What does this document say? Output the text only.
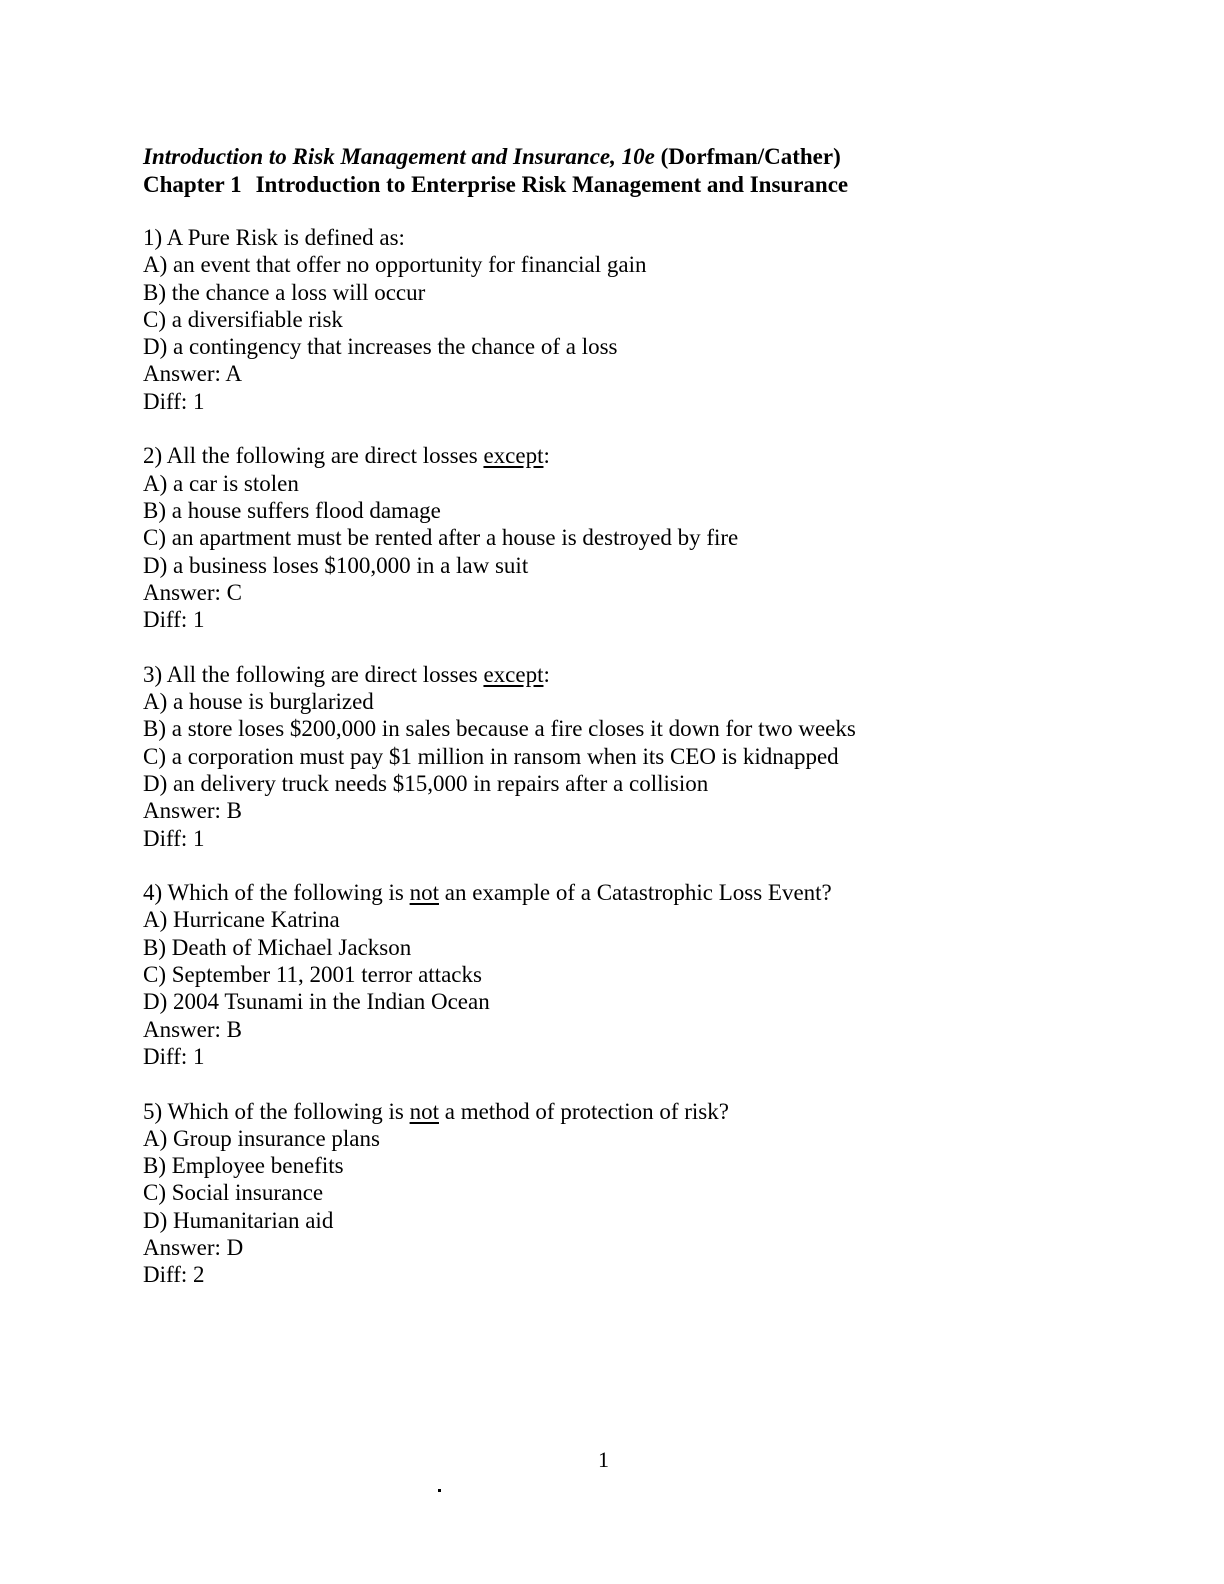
Introduction to Risk Management and Insurance, 10e (Dorfman/Cather)
Chapter 1 Introduction to Enterprise Risk Management and Insurance
1) A Pure Risk is defined as:
A) an event that offer no opportunity for financial gain
B) the chance a loss will occur
C) a diversifiable risk
D) a contingency that increases the chance of a loss
Answer: A
Diff: 1
2) All the following are direct losses except:
A) a car is stolen
B) a house suffers flood damage
C) an apartment must be rented after a house is destroyed by fire
D) a business loses $100,000 in a law suit
Answer: C
Diff: 1
3) All the following are direct losses except:
A) a house is burglarized
B) a store loses $200,000 in sales because a fire closes it down for two weeks
C) a corporation must pay $1 million in ransom when its CEO is kidnapped
D) an delivery truck needs $15,000 in repairs after a collision
Answer: B
Diff: 1
4) Which of the following is not an example of a Catastrophic Loss Event?
A) Hurricane Katrina
B) Death of Michael Jackson
C) September 11, 2001 terror attacks
D) 2004 Tsunami in the Indian Ocean
Answer: B
Diff: 1
5) Which of the following is not a method of protection of risk?
A) Group insurance plans
B) Employee benefits
C) Social insurance
D) Humanitarian aid
Answer: D
Diff: 2
1
